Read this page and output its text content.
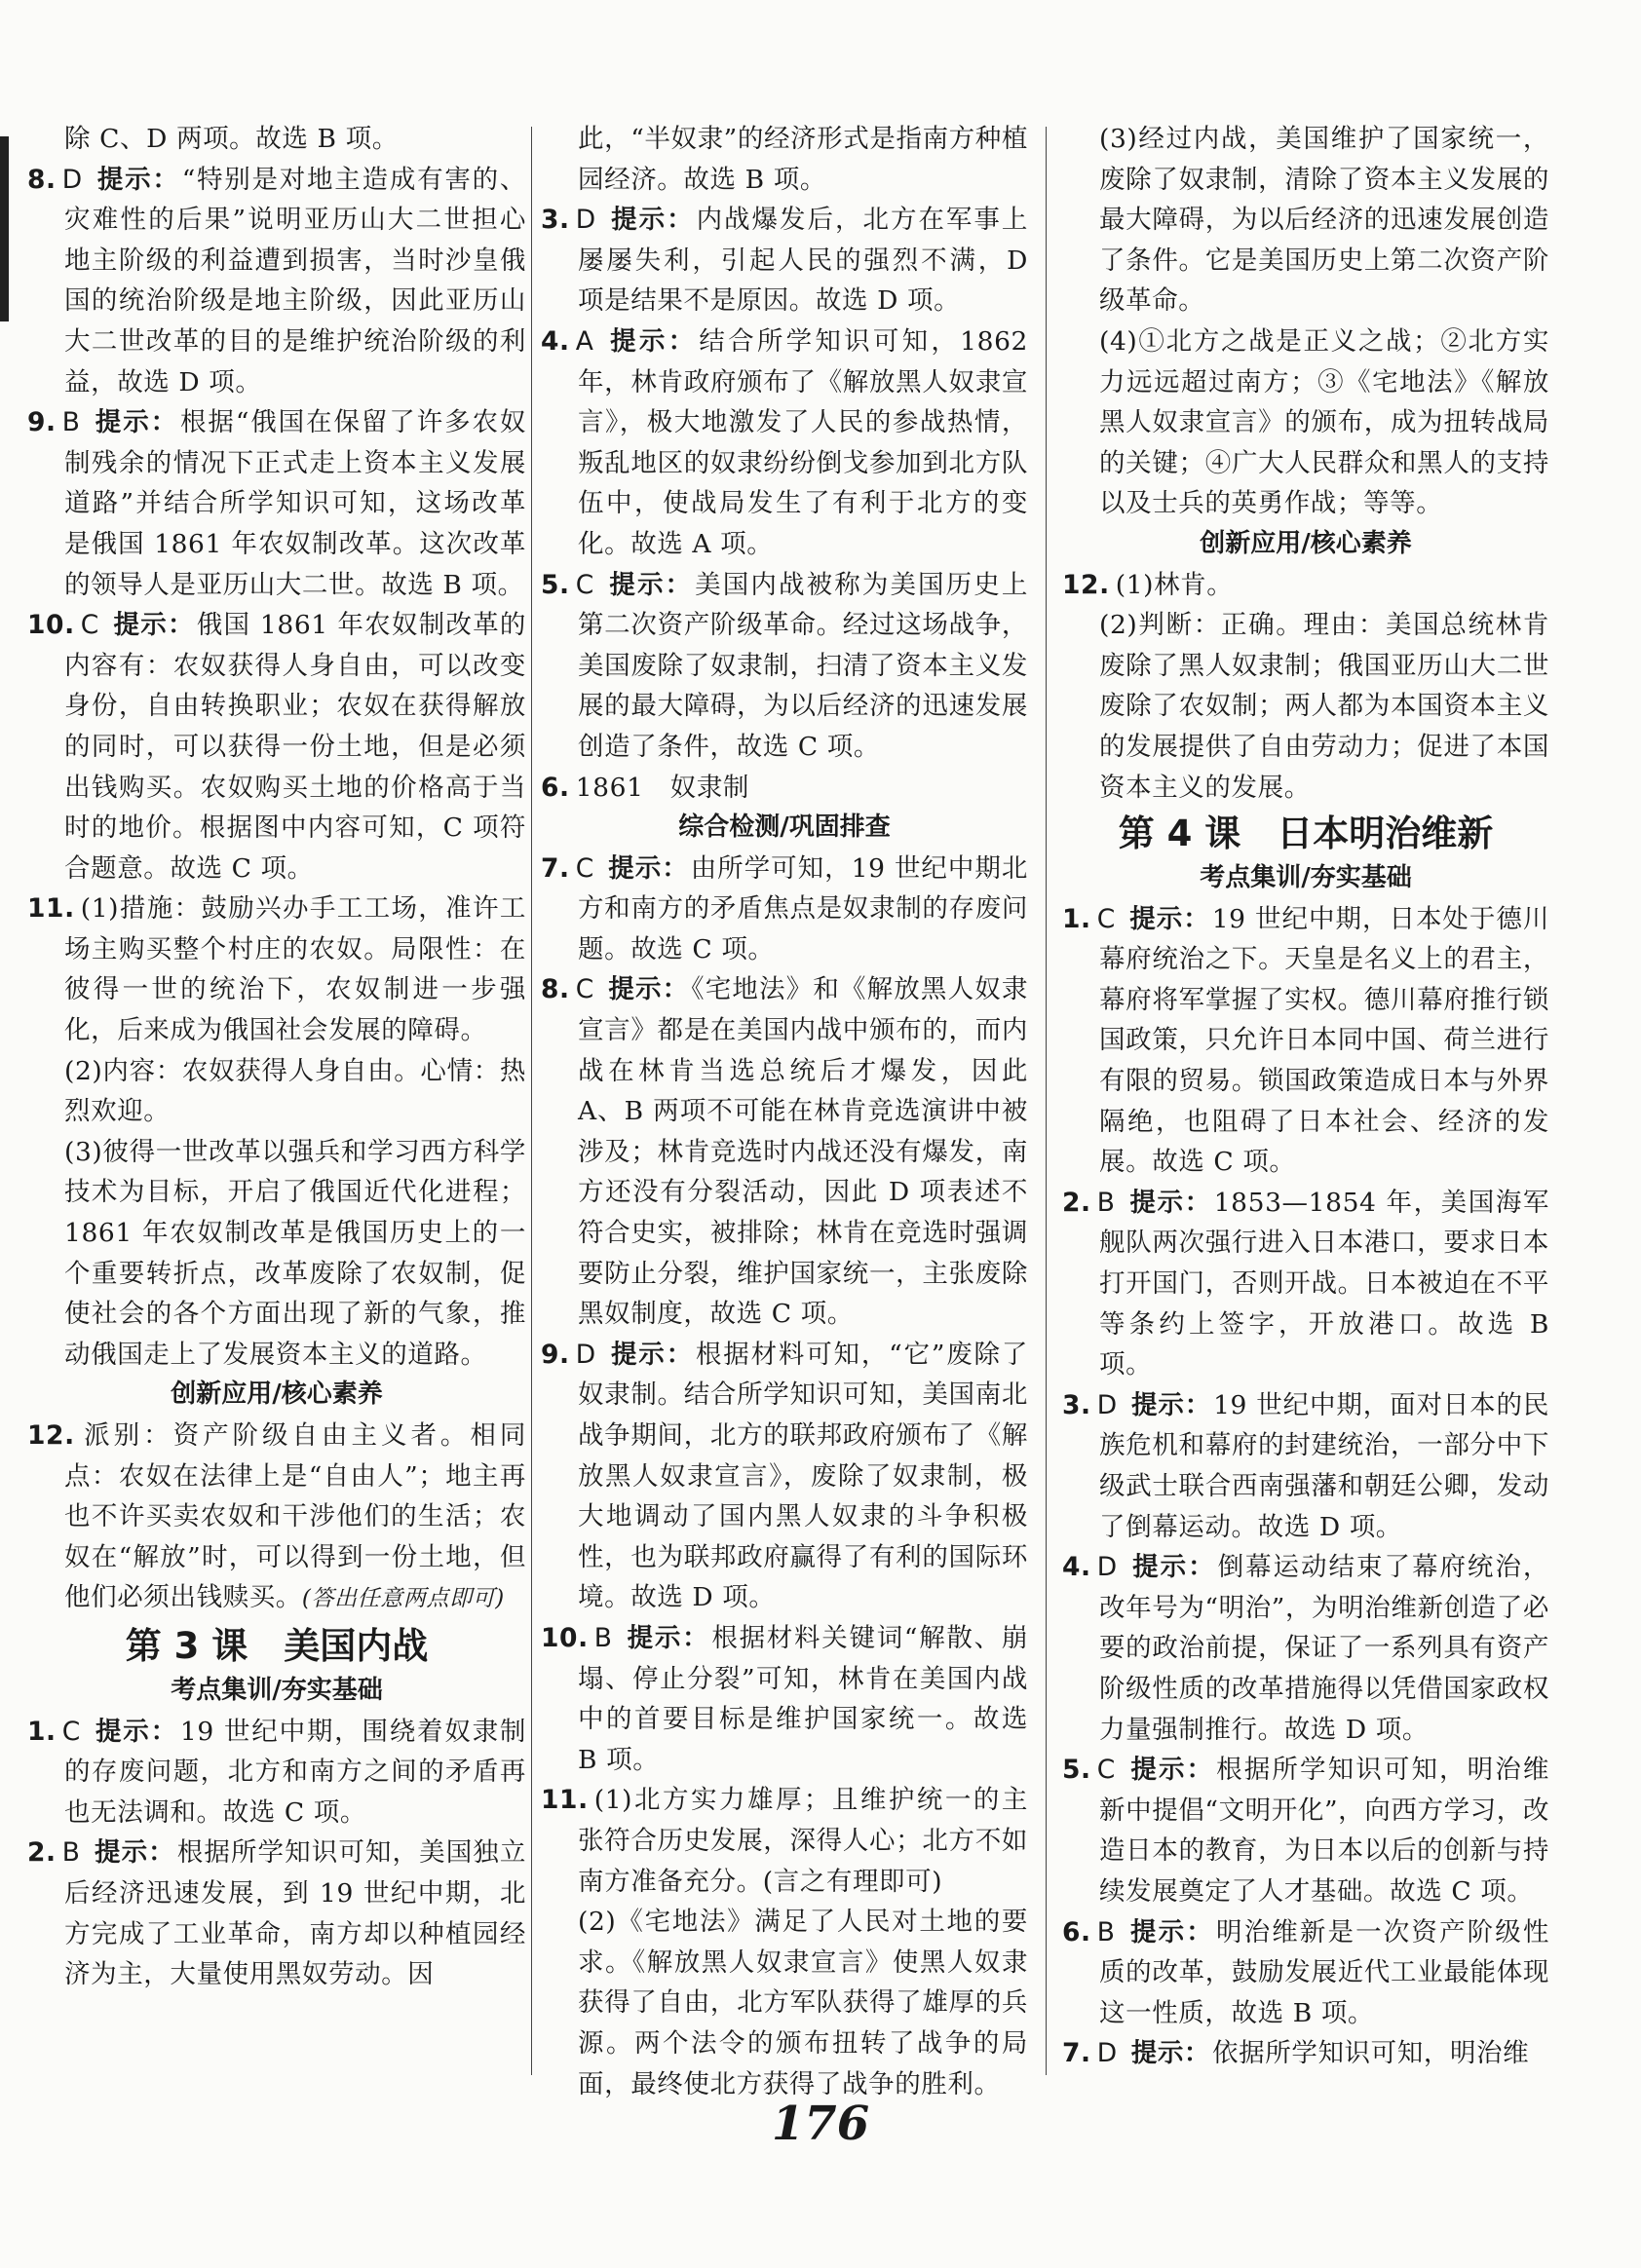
除 C、D 两项。故选 B 项。

8. D 提示：“特别是对地主造成有害的、灾难性的后果”说明亚历山大二世担心地主阶级的利益遭到损害，当时沙皇俄国的统治阶级是地主阶级，因此亚历山大二世改革的目的是维护统治阶级的利益，故选 D 项。

9. B 提示：根据“俄国在保留了许多农奴制残余的情况下正式走上资本主义发展道路”并结合所学知识可知，这场改革是俄国 1861 年农奴制改革。这次改革的领导人是亚历山大二世。故选 B 项。

10. C 提示：俄国 1861 年农奴制改革的内容有：农奴获得人身自由，可以改变身份，自由转换职业；农奴在获得解放的同时，可以获得一份土地，但是必须出钱购买。农奴购买土地的价格高于当时的地价。根据图中内容可知，C 项符合题意。故选 C 项。

11. (1)措施：鼓励兴办手工工场，准许工场主购买整个村庄的农奴。局限性：在彼得一世的统治下，农奴制进一步强化，后来成为俄国社会发展的障碍。

(2)内容：农奴获得人身自由。心情：热烈欢迎。

(3)彼得一世改革以强兵和学习西方科学技术为目标，开启了俄国近代化进程；1861 年农奴制改革是俄国历史上的一个重要转折点，改革废除了农奴制，促使社会的各个方面出现了新的气象，推动俄国走上了发展资本主义的道路。

创新应用/核心素养

12. 派别：资产阶级自由主义者。相同点：农奴在法律上是“自由人”；地主再也不许买卖农奴和干涉他们的生活；农奴在“解放”时，可以得到一份土地，但他们必须出钱赎买。(答出任意两点即可)

第 3 课　美国内战

考点集训/夯实基础

1. C 提示：19 世纪中期，围绕着奴隶制的存废问题，北方和南方之间的矛盾再也无法调和。故选 C 项。

2. B 提示：根据所学知识可知，美国独立后经济迅速发展，到 19 世纪中期，北方完成了工业革命，南方却以种植园经济为主，大量使用黑奴劳动。因

此，“半奴隶”的经济形式是指南方种植园经济。故选 B 项。

3. D 提示：内战爆发后，北方在军事上屡屡失利，引起人民的强烈不满，D 项是结果不是原因。故选 D 项。

4. A 提示：结合所学知识可知，1862年，林肯政府颁布了《解放黑人奴隶宣言》，极大地激发了人民的参战热情，叛乱地区的奴隶纷纷倒戈参加到北方队伍中，使战局发生了有利于北方的变化。故选 A 项。

5. C 提示：美国内战被称为美国历史上第二次资产阶级革命。经过这场战争，美国废除了奴隶制，扫清了资本主义发展的最大障碍，为以后经济的迅速发展创造了条件，故选 C 项。

6. 1861　奴隶制

综合检测/巩固排查

7. C 提示：由所学可知，19 世纪中期北方和南方的矛盾焦点是奴隶制的存废问题。故选 C 项。

8. C 提示：《宅地法》和《解放黑人奴隶宣言》都是在美国内战中颁布的，而内战在林肯当选总统后才爆发，因此 A、B 两项不可能在林肯竞选演讲中被涉及；林肯竞选时内战还没有爆发，南方还没有分裂活动，因此 D 项表述不符合史实，被排除；林肯在竞选时强调要防止分裂，维护国家统一，主张废除黑奴制度，故选 C 项。

9. D 提示：根据材料可知，“它”废除了奴隶制。结合所学知识可知，美国南北战争期间，北方的联邦政府颁布了《解放黑人奴隶宣言》，废除了奴隶制，极大地调动了国内黑人奴隶的斗争积极性，也为联邦政府赢得了有利的国际环境。故选 D 项。

10. B 提示：根据材料关键词“解散、崩塌、停止分裂”可知，林肯在美国内战中的首要目标是维护国家统一。故选 B 项。

11. (1)北方实力雄厚；且维护统一的主张符合历史发展，深得人心；北方不如南方准备充分。(言之有理即可)

(2)《宅地法》满足了人民对土地的要求。《解放黑人奴隶宣言》使黑人奴隶获得了自由，北方军队获得了雄厚的兵源。两个法令的颁布扭转了战争的局面，最终使北方获得了战争的胜利。

(3)经过内战，美国维护了国家统一，废除了奴隶制，清除了资本主义发展的最大障碍，为以后经济的迅速发展创造了条件。它是美国历史上第二次资产阶级革命。

(4)①北方之战是正义之战；②北方实力远远超过南方；③《宅地法》《解放黑人奴隶宣言》的颁布，成为扭转战局的关键；④广大人民群众和黑人的支持以及士兵的英勇作战；等等。

创新应用/核心素养

12. (1)林肯。

(2)判断：正确。理由：美国总统林肯废除了黑人奴隶制；俄国亚历山大二世废除了农奴制；两人都为本国资本主义的发展提供了自由劳动力；促进了本国资本主义的发展。

第 4 课　日本明治维新

考点集训/夯实基础

1. C 提示：19 世纪中期，日本处于德川幕府统治之下。天皇是名义上的君主，幕府将军掌握了实权。德川幕府推行锁国政策，只允许日本同中国、荷兰进行有限的贸易。锁国政策造成日本与外界隔绝，也阻碍了日本社会、经济的发展。故选 C 项。

2. B 提示：1853—1854 年，美国海军舰队两次强行进入日本港口，要求日本打开国门，否则开战。日本被迫在不平等条约上签字，开放港口。故选 B 项。

3. D 提示：19 世纪中期，面对日本的民族危机和幕府的封建统治，一部分中下级武士联合西南强藩和朝廷公卿，发动了倒幕运动。故选 D 项。

4. D 提示：倒幕运动结束了幕府统治，改年号为“明治”，为明治维新创造了必要的政治前提，保证了一系列具有资产阶级性质的改革措施得以凭借国家政权力量强制推行。故选 D 项。

5. C 提示：根据所学知识可知，明治维新中提倡“文明开化”，向西方学习，改造日本的教育，为日本以后的创新与持续发展奠定了人才基础。故选 C 项。

6. B 提示：明治维新是一次资产阶级性质的改革，鼓励发展近代工业最能体现这一性质，故选 B 项。

7. D 提示：依据所学知识可知，明治维

176
